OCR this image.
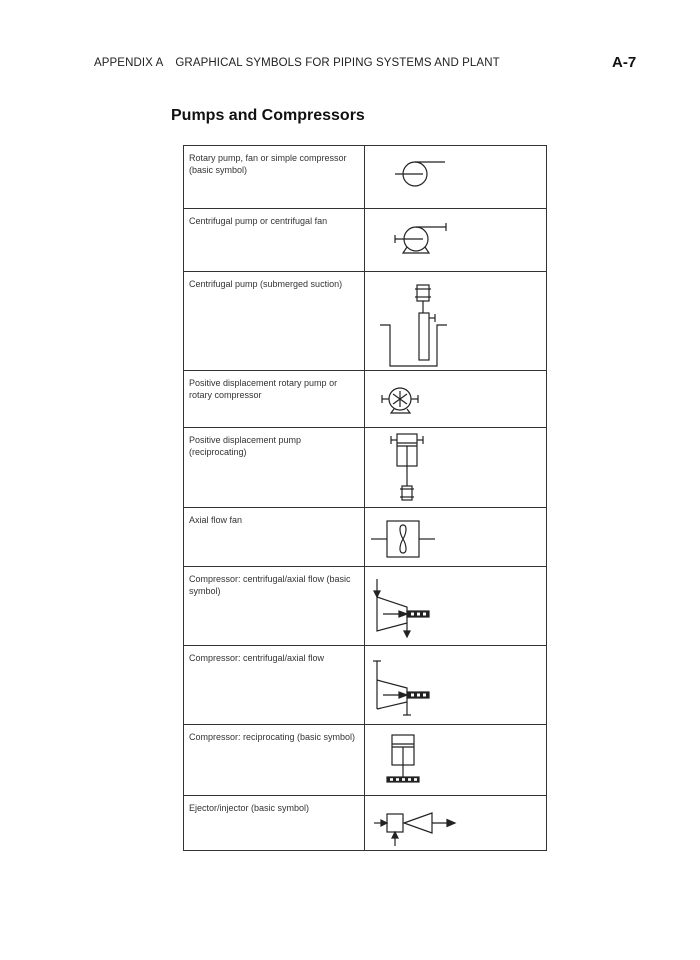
APPENDIX A GRAPHICAL SYMBOLS FOR PIPING SYSTEMS AND PLANT	A-7
Pumps and Compressors
Rotary pump, fan or simple compressor (basic symbol)	

Centrifugal pump or centrifugal fan	

Centrifugal pump (submerged suction)	

Positive displacement rotary pump or rotary compressor	

Positive displacement pump (reciprocating)	

Axial flow fan	

Compressor: centrifugal/axial flow (basic symbol)	

Compressor: centrifugal/axial flow	

Compressor: reciprocating (basic symbol)	

Ejector/injector (basic symbol)	
